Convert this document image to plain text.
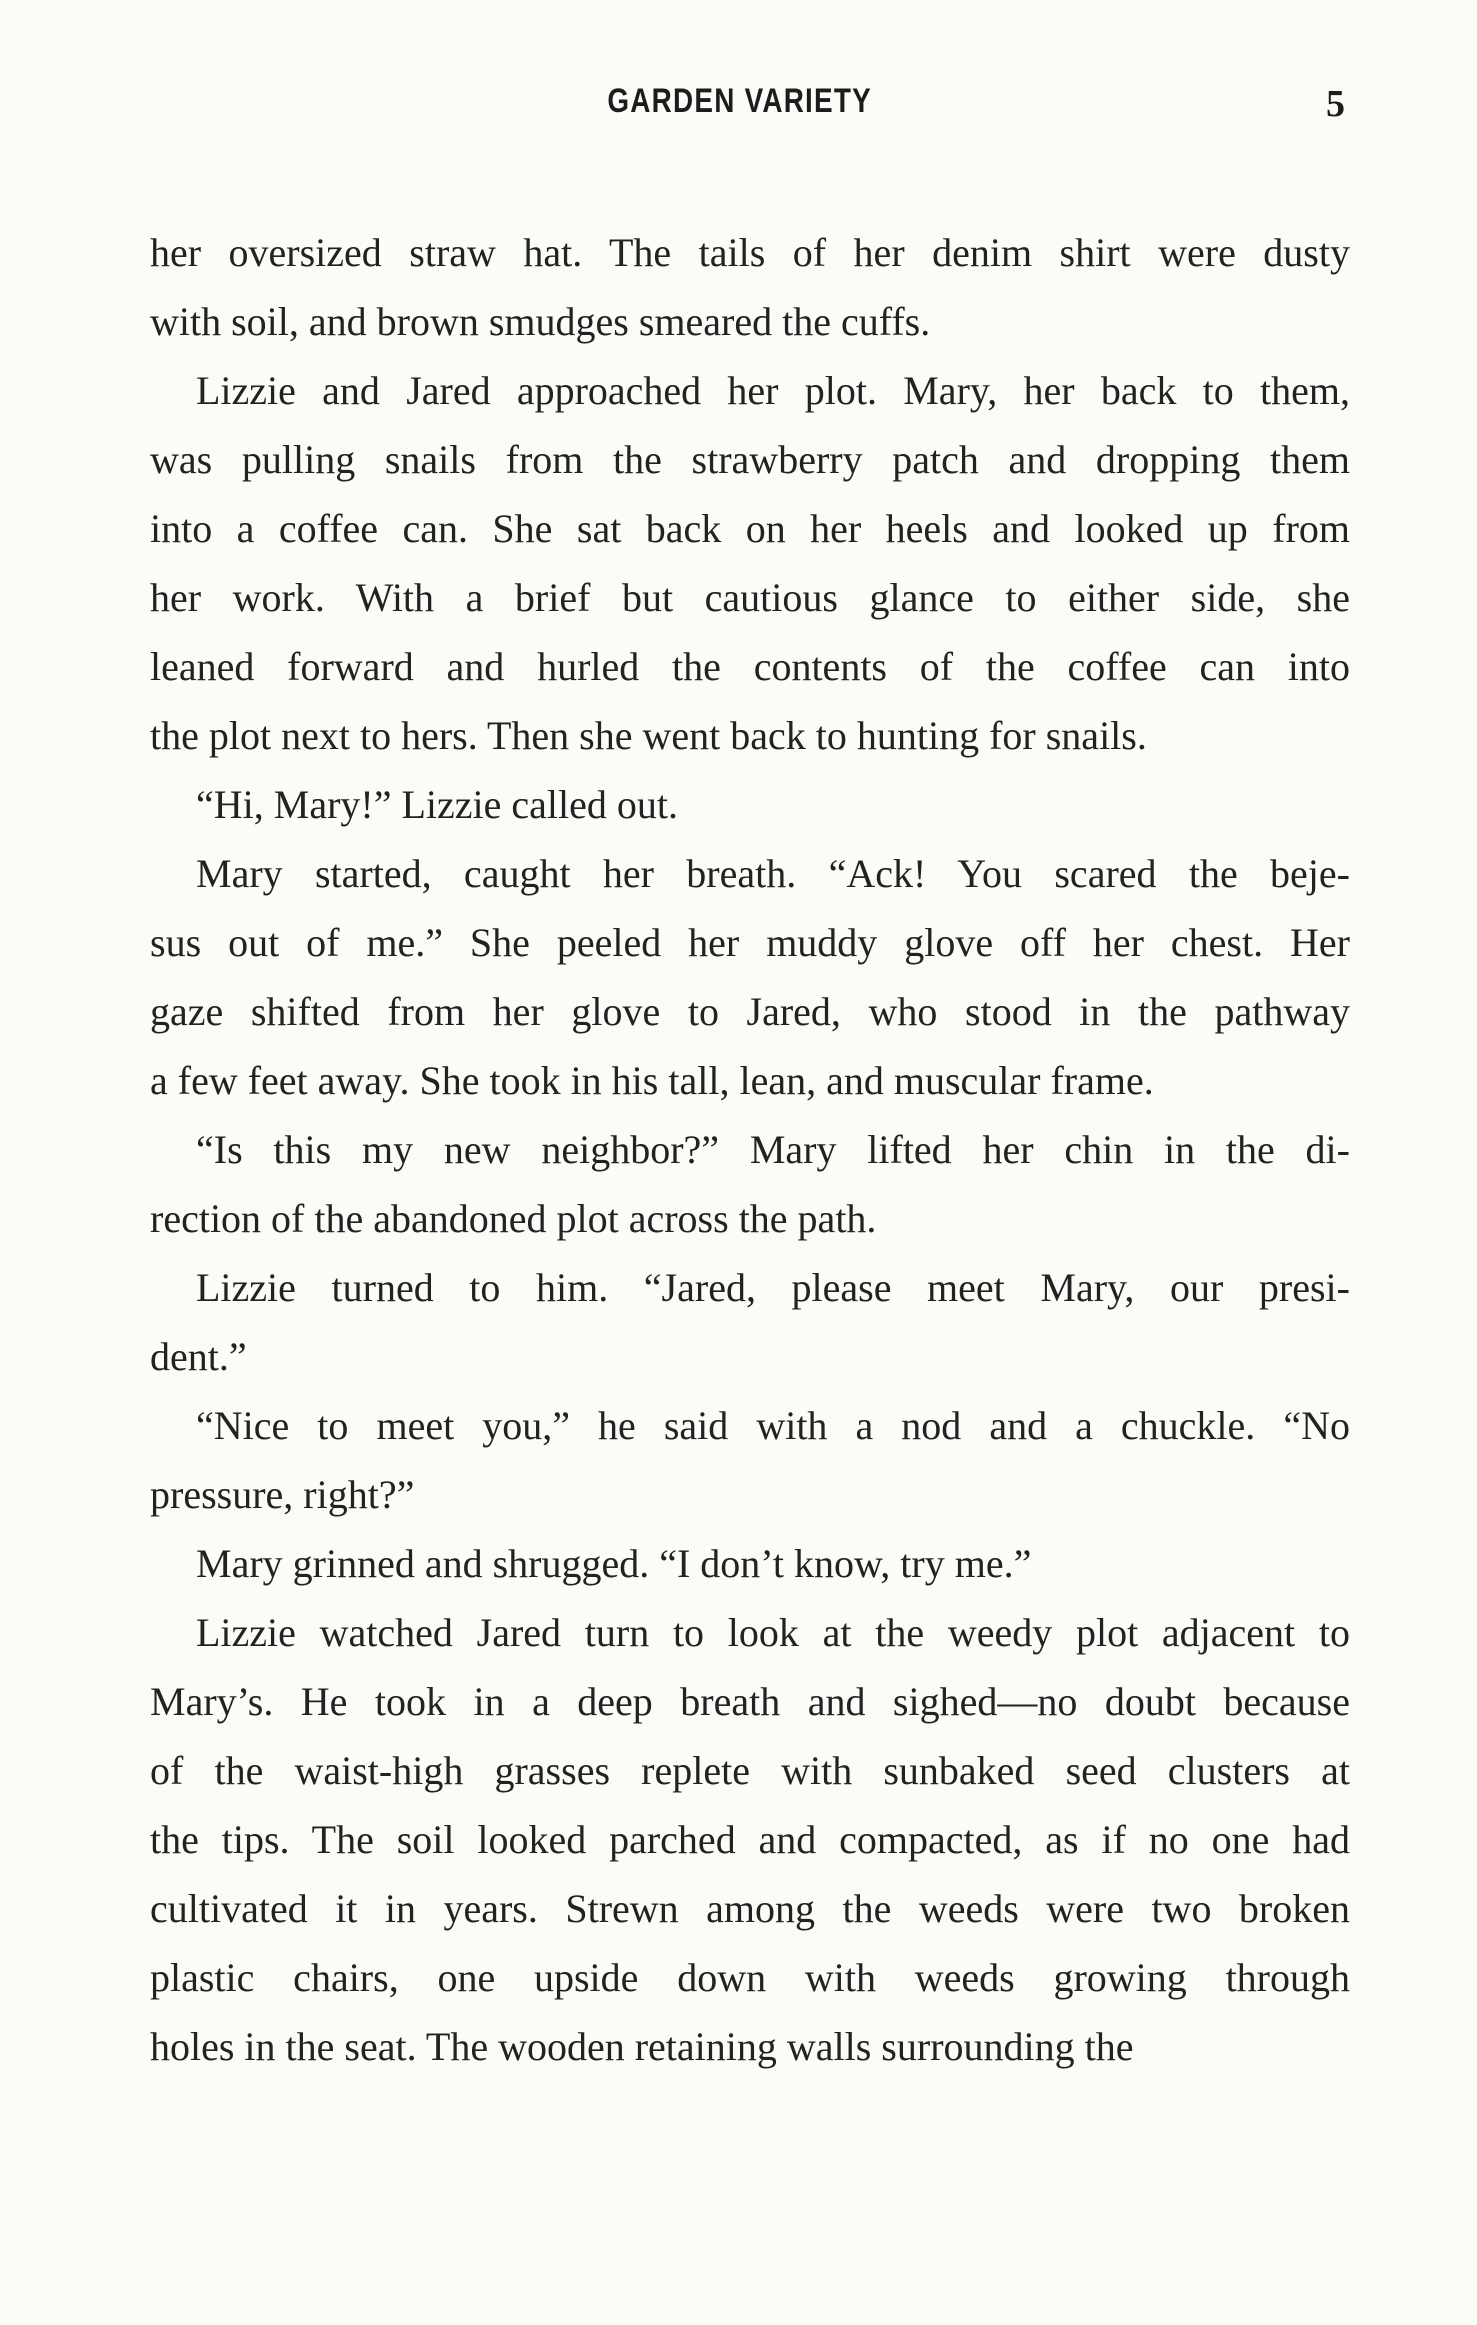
GARDEN VARIETY	5
her oversized straw hat. The tails of her denim shirt were dusty
with soil, and brown smudges smeared the cuffs.
Lizzie and Jared approached her plot. Mary, her back to them,
was pulling snails from the strawberry patch and dropping them
into a coffee can. She sat back on her heels and looked up from
her work. With a brief but cautious glance to either side, she
leaned forward and hurled the contents of the coffee can into
the plot next to hers. Then she went back to hunting for snails.
“Hi, Mary!” Lizzie called out.
Mary started, caught her breath. “Ack! You scared the beje-
sus out of me.” She peeled her muddy glove off her chest. Her
gaze shifted from her glove to Jared, who stood in the pathway
a few feet away. She took in his tall, lean, and muscular frame.
“Is this my new neighbor?” Mary lifted her chin in the di-
rection of the abandoned plot across the path.
Lizzie turned to him. “Jared, please meet Mary, our presi-
dent.”
“Nice to meet you,” he said with a nod and a chuckle. “No
pressure, right?”
Mary grinned and shrugged. “I don’t know, try me.”
Lizzie watched Jared turn to look at the weedy plot adjacent to
Mary’s. He took in a deep breath and sighed—no doubt because
of the waist-high grasses replete with sunbaked seed clusters at
the tips. The soil looked parched and compacted, as if no one had
cultivated it in years. Strewn among the weeds were two broken
plastic chairs, one upside down with weeds growing through
holes in the seat. The wooden retaining walls surrounding the
